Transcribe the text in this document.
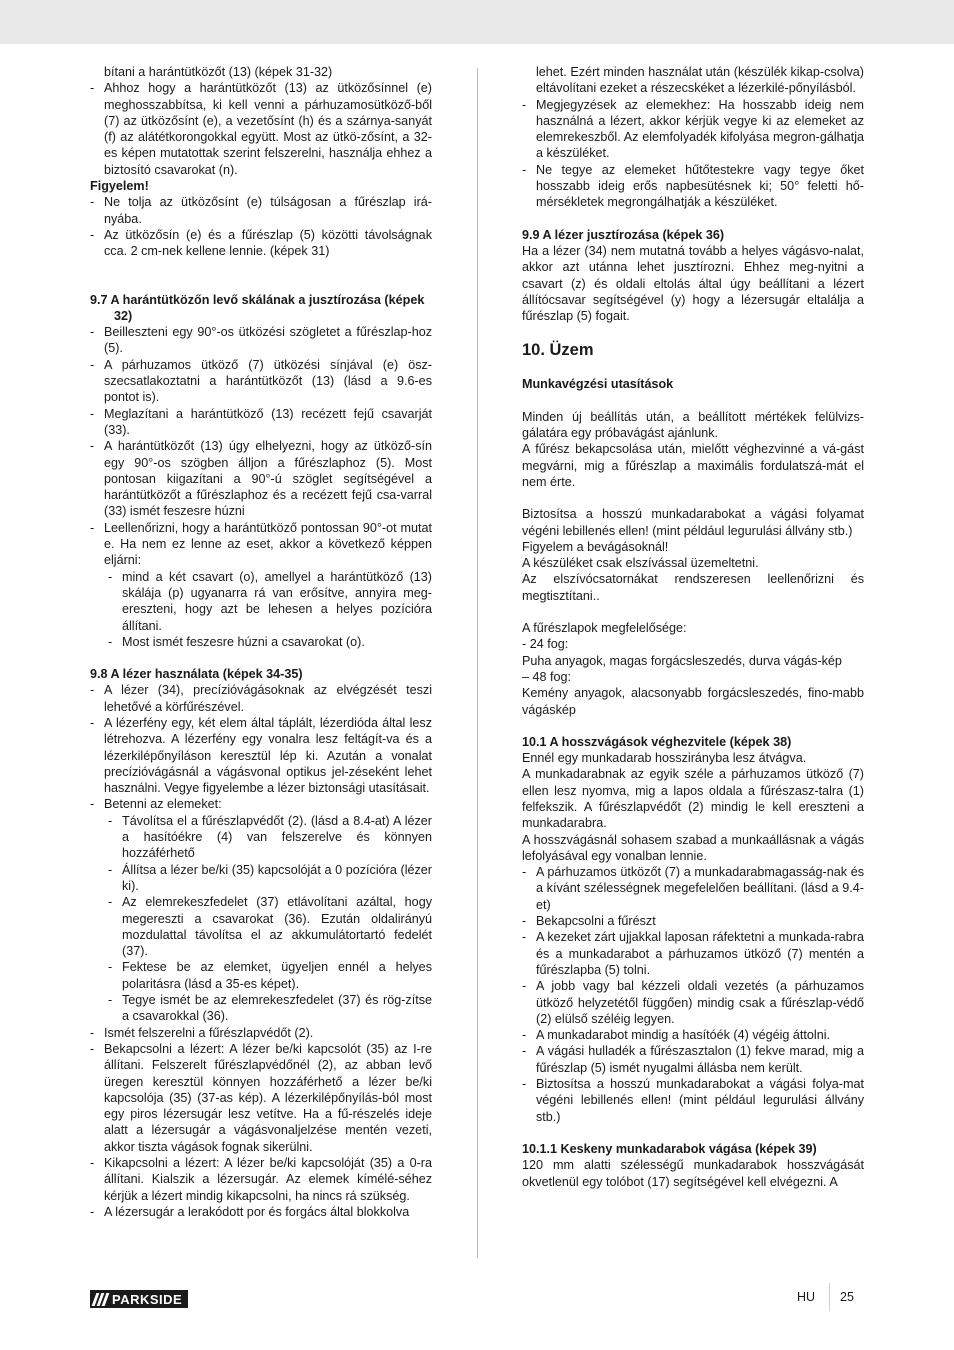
bítani a harántütközőt (13) (képek 31-32)

- Ahhoz hogy a harántütközőt (13) az ütközősínnel (e) meghosszabbítsa, ki kell venni a párhuzamosütköző-ből (7) az ütközősínt (e), a vezetősínt (h) és a szárnya-sanyát (f) az alátétkorongokkal együtt. Most az ütkö-zősínt, a 32-es képen mutatottak szerint felszerelni, használja ehhez a biztosító csavarokat (n).

Figyelem!

- Ne tolja az ütközősínt (e) túlságosan a fűrészlap irá-nyába.
- Az ütközősín (e) és a fűrészlap (5) közötti távolságnak cca. 2 cm-nek kellene lennie. (képek 31)

9.7 A harántütközőn levő skálának a jusztírozása (képek 32)

- Beilleszteni egy 90°-os ütközési szögletet a fűrészlap-hoz (5).
- A párhuzamos ütköző (7) ütközési sínjával (e) ösz-szecsatlakoztatni a harántütközőt (13) (lásd a 9.6-es pontot is).
- Meglazítani a harántütköző (13) recézett fejű csavarját (33).
- A harántütközőt (13) úgy elhelyezni, hogy az ütköző-sín egy 90°-os szögben álljon a fűrészlaphoz (5). Most pontosan kiigazítani a 90°-ú szöglet segítségével a harántütközőt a fűrészlaphoz és a recézett fejű csa-varral (33) ismét feszesre húzni
- Leellenőrizni, hogy a harántütköző pontossan 90°-ot mutat e. Ha nem ez lenne az eset, akkor a következő képpen eljárni:
- mind a két csavart (o), amellyel a harántütköző (13) skálája (p) ugyanarra rá van erősítve, annyira meg-ereszteni, hogy azt be lehesen a helyes pozícióra állítani.
- Most ismét feszesre húzni a csavarokat (o).

9.8 A lézer használata (képek 34-35)

- A lézer (34), precízióvágásoknak az elvégzését teszi lehetővé a körfűrészével.
- A lézerfény egy, két elem által táplált, lézerdióda által lesz létrehozva. A lézerfény egy vonalra lesz feltágít-va és a lézerkilépőnyíláson keresztül lép ki. Azután a vonalat precízióvágásnál a vágásvonal optikus jel-zéseként lehet használni. Vegye figyelembe a lézer biztonsági utasításait.
- Betenni az elemeket:
- Távolítsa el a fűrészlapvédőt (2). (lásd a 8.4-at) A lézer a hasítóékre (4) van felszerelve és könnyen hozzáférhető
- Állítsa a lézer be/ki (35) kapcsolóját a 0 pozícióra (lézer ki).
- Az elemrekeszfedelet (37) etlávolítani azáltal, hogy megereszti a csavarokat (36). Ezután oldalirányú mozdulattal távolítsa el az akkumulátortartó fedelét (37).
- Fektese be az elemket, ügyeljen ennél a helyes polaritásra (lásd a 35-es képet).
- Tegye ismét be az elemrekeszfedelet (37) és rög-zítse a csavarokkal (36).
- Ismét felszerelni a fűrészlapvédőt (2).
- Bekapcsolni a lézert: A lézer be/ki kapcsolót (35) az I-re állítani. Felszerelt fűrészlapvédőnél (2), az abban levő üregen keresztül könnyen hozzáférhető a lézer be/ki kapcsolója (35) (37-as kép). A lézerkilépőnyílás-ból most egy piros lézersugár lesz vetítve. Ha a fű-részelés ideje alatt a lézersugár a vágásvonaljelzése mentén vezeti, akkor tiszta vágások fognak sikerülni.
- Kikapcsolni a lézert: A lézer be/ki kapcsolóját (35) a 0-ra állítani. Kialszik a lézersugár. Az elemek kímélé-séhez kérjük a lézert mindig kikapcsolni, ha nincs rá szükség.
- A lézersugár a lerakódott por és forgács által blokkolva

lehet. Ezért minden használat után (készülék kikap-csolva) eltávolítani ezeket a részecskéket a lézerkilé-pőnyílásból.

- Megjegyzések az elemekhez: Ha hosszabb ideig nem használná a lézert, akkor kérjük vegye ki az elemeket az elemrekeszből. Az elemfolyadék kifolyása megron-gálhatja a készüléket.
- Ne tegye az elemeket hűtőtestekre vagy tegye őket hosszabb ideig erős napbesütésnek ki; 50° feletti hő-mérsékletek megrongálhatják a készüléket.

9.9 A lézer jusztírozása (képek 36)

Ha a lézer (34) nem mutatná tovább a helyes vágásvo-nalat, akkor azt utánna lehet jusztírozni. Ehhez meg-nyitni a csavart (z) és oldali eltolás által úgy beállítani a lézert állítócsavar segítségével (y) hogy a lézersugár eltalálja a fűrészlap (5) fogait.

10. Üzem

Munkavégzési utasítások

Minden új beállítás után, a beállított mértékek felülvizs-gálatára egy próbavágást ajánlunk.

A fűrész bekapcsolása után, mielőtt véghezvinné a vá-gást megvárni, mig a fűrészlap a maximális fordulatszá-mát el nem érte.

Biztosítsa a hosszú munkadarabokat a vágási folyamat végéni lebillenés ellen! (mint például legurulási állvány stb.)

Figyelem a bevágásoknál!

A készüléket csak elszívással üzemeltetni.

Az elszívócsatornákat rendszeresen leellenőrizni és megtisztítani..

A fűrészlapok megfelelősége:

- 24 fog:

Puha anyagok, magas forgácsleszedés, durva vágás-kép

– 48 fog:

Kemény anyagok, alacsonyabb forgácsleszedés, fino-mabb vágáskép

10.1 A hosszvágások véghezvitele (képek 38)

Ennél egy munkadarab hosszirányba lesz átvágva.

A munkadarabnak az egyik széle a párhuzamos ütköző (7) ellen lesz nyomva, mig a lapos oldala a fűrészasz-talra (1) felfekszik. A fűrészlapvédőt (2) mindig le kell ereszteni a munkadarabra.

A hosszvágásnál sohasem szabad a munkaállásnak a vágás lefolyásával egy vonalban lennie.

- A párhuzamos ütközőt (7) a munkadarabmagasság-nak és a kívánt szélességnek megefelelően beállítani. (lásd a 9.4-et)
- Bekapcsolni a fűrészt
- A kezeket zárt ujjakkal laposan ráfektetni a munkada-rabra és a munkadarabot a párhuzamos ütköző (7) mentén a fűrészlapba (5) tolni.
- A jobb vagy bal kézzeli oldali vezetés (a párhuzamos ütköző helyzetétől függően) mindig csak a fűrészlap-védő (2) elülső széléig legyen.
- A munkadarabot mindig a hasítóék (4) végéig áttolni.
- A vágási hulladék a fűrészasztalon (1) fekve marad, mig a fűrészlap (5) ismét nyugalmi állásba nem került.
- Biztosítsa a hosszú munkadarabokat a vágási folya-mat végéni lebillenés ellen! (mint például legurulási állvány stb.)

10.1.1 Keskeny munkadarabok vágása (képek 39)

120 mm alatti szélességű munkadarabok hosszvágását okvetlenül egy tolóbot (17) segítségével kell elvégezni. A

PARKSIDE	HU 25
